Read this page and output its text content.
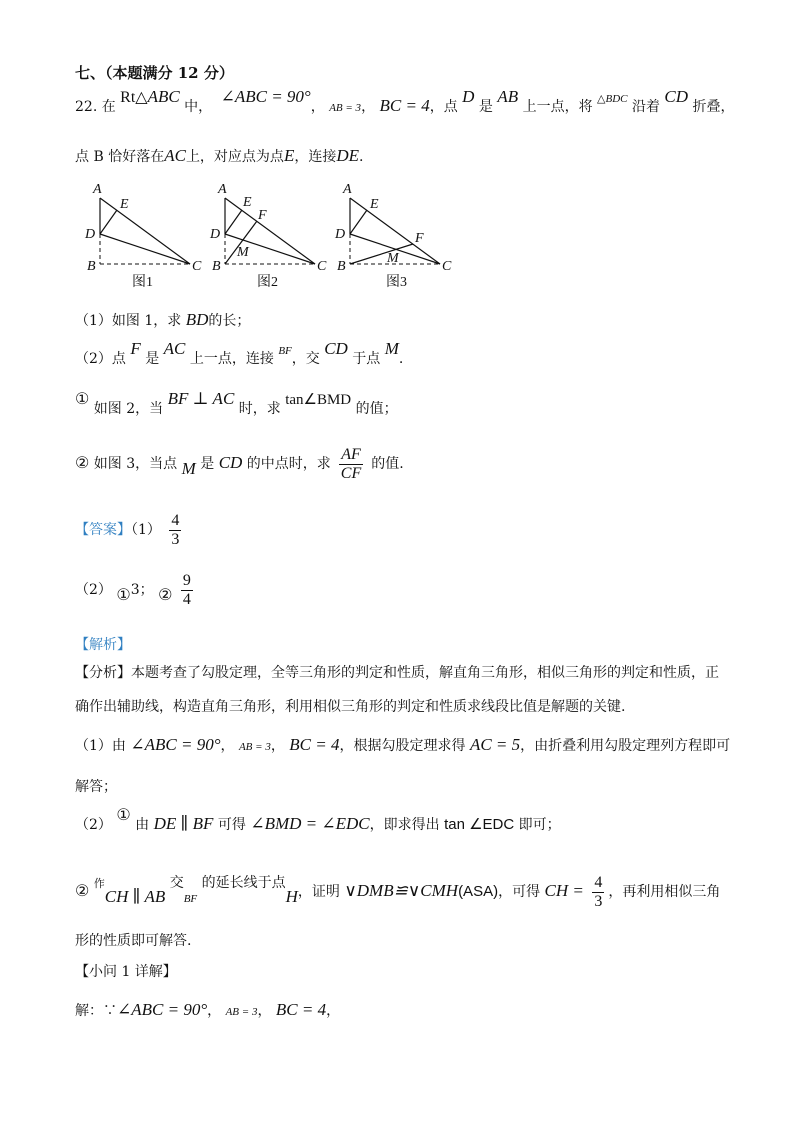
七、（本题满分 12 分）
22. 在 Rt△ABC 中， ∠ABC = 90°， AB = 3， BC = 4，点 D 是 AB 上一点，将 $^{\triangle BDC}$ 沿着 CD 折叠，
点 B 恰好落在AC上，对应点为点E，连接DE.
A
E
D
B	C
图1
A
E
F
D
M
B	C
图2
A
E
F
D
M
B	C
图3
（1）如图 1，求 BD的长；
（2）点 F 是 AC 上一点，连接 $^{BF}$，交 CD 于点 M.
① 如图 2，当 BF ⊥ AC 时，求 tan∠BMD 的值；
② 如图 3，当点 M 是 CD 的中点时，求 $\frac{AF}{CF}$ 的值.
【答案】$(1) \frac{4}{3}$
（2） ①3； ② $\frac{9}{4}$
【解析】
【分析】本题考查了勾股定理，全等三角形的判定和性质，解直角三角形，相似三角形的判定和性质，正
确作出辅助线，构造直角三角形，利用相似三角形的判定和性质求线段比值是解题的关键.
（1）由 ∠ABC = 90°， AB = 3， BC = 4，根据勾股定理求得 AC = 5，由折叠利用勾股定理列方程即可
解答；
（2） ① 由 DE ∥ BF 可得 ∠BMD = ∠EDC，即求得出 tan ∠EDC 即可；
② $^作$CH ∥ AB 交$_{BF}$ 的延长线于点H，证明 ∨DMB≌∨CMH(ASA)，可得 CH = $\frac{4}{3}$ ，再利用相似三角
形的性质即可解答.
【小问 1 详解】
解：∵∠ABC = 90°， AB = 3， BC = 4，
